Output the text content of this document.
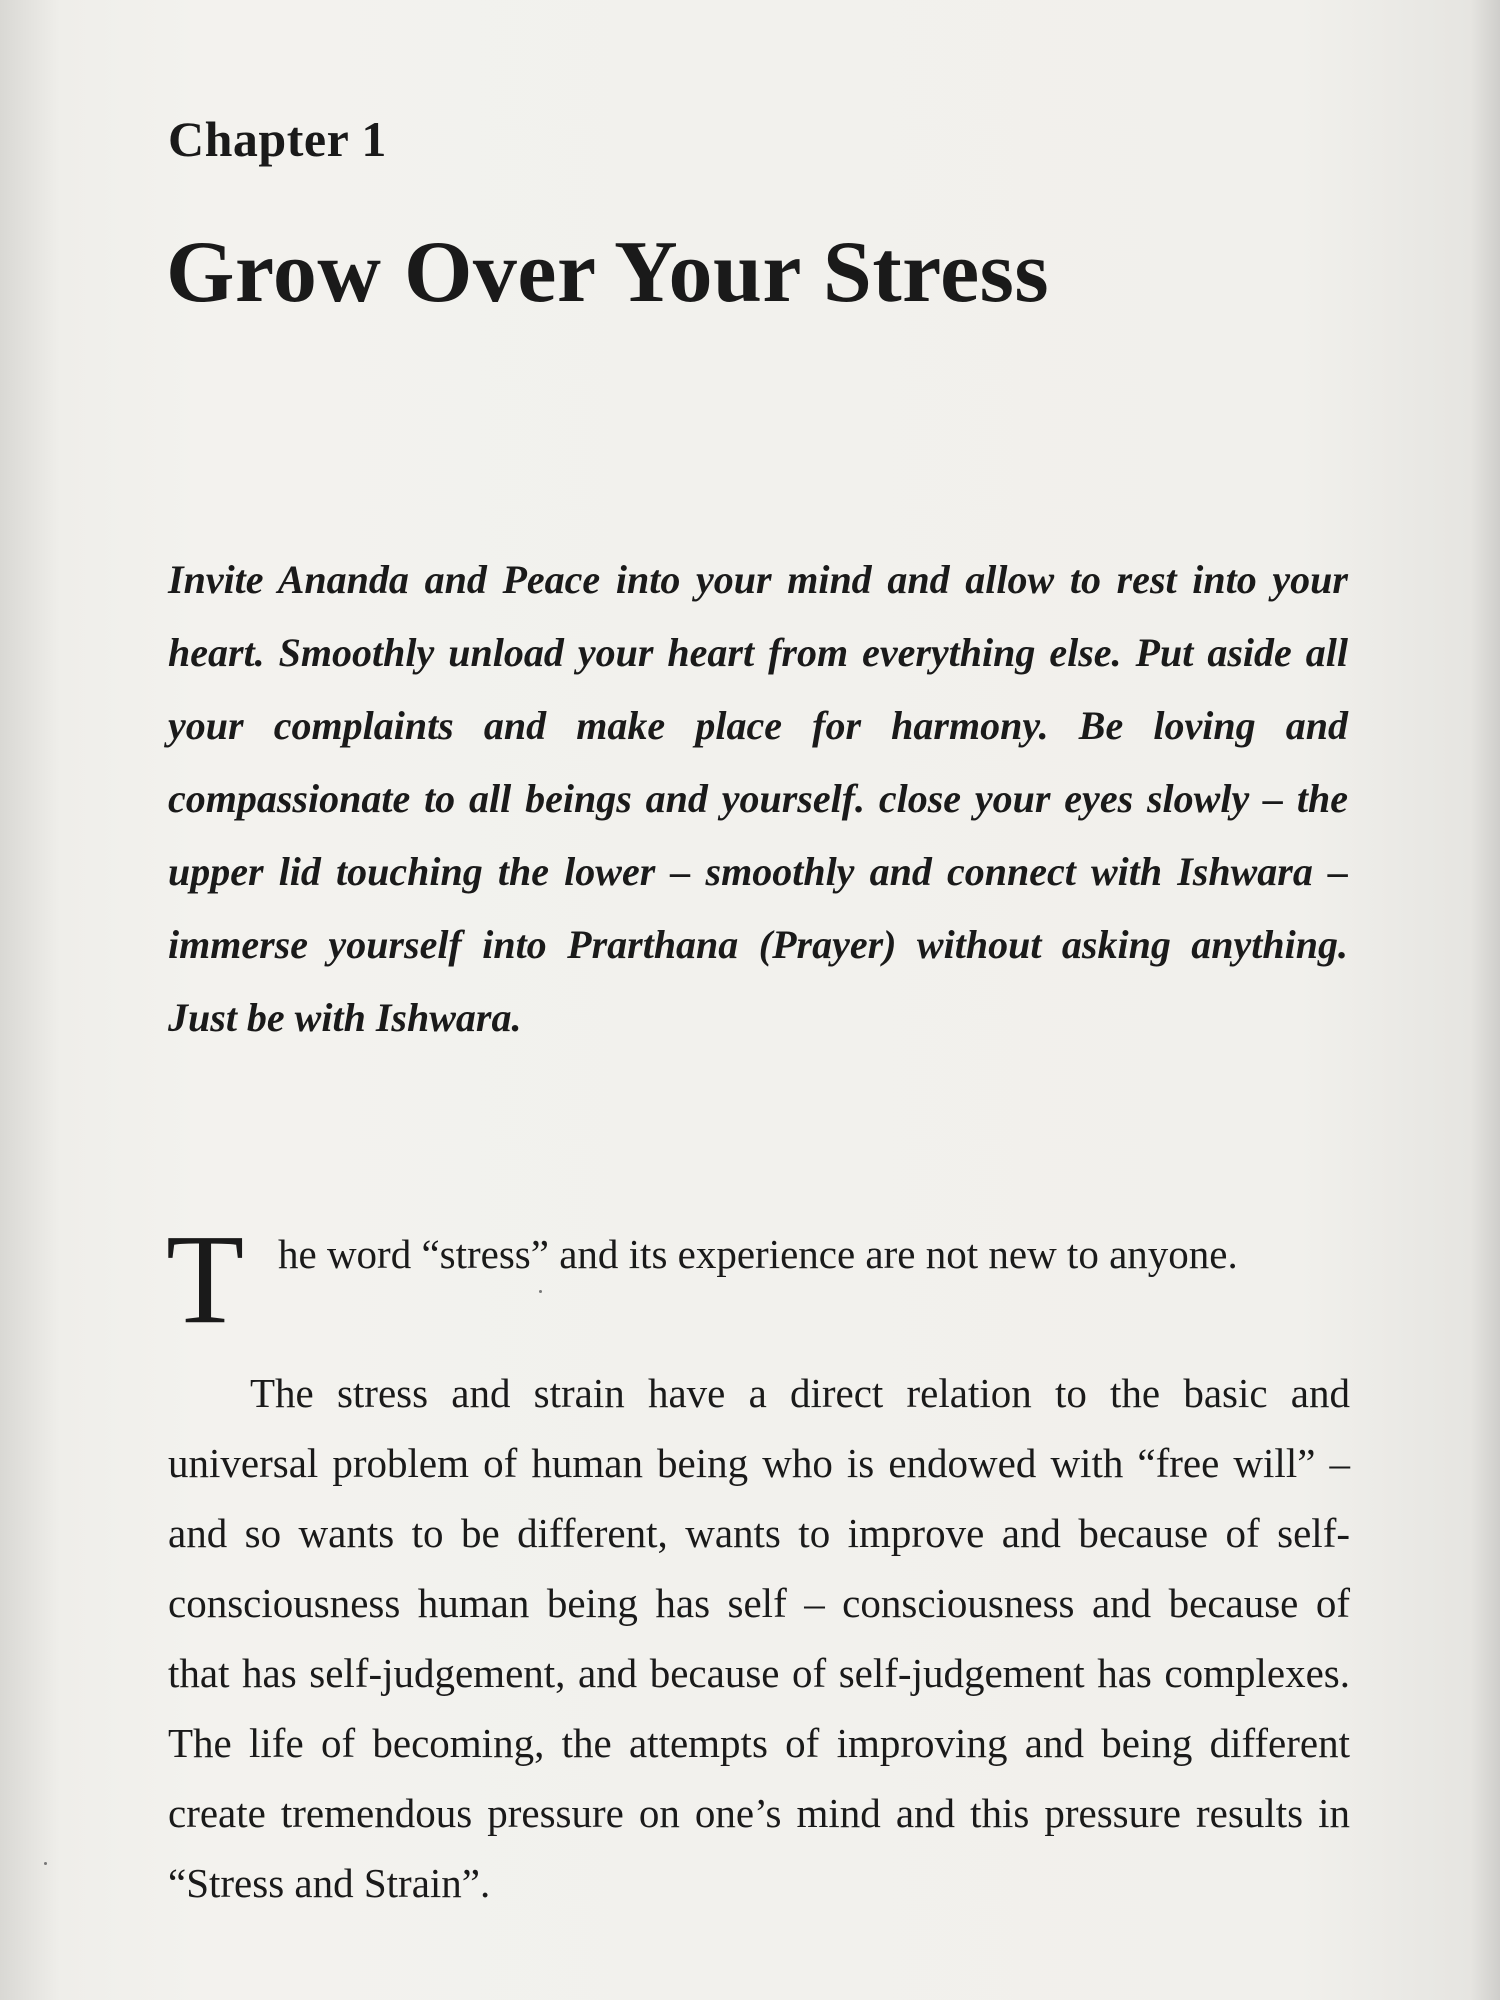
Chapter 1
Grow Over Your Stress
Invite Ananda and Peace into your mind and allow to rest into your heart. Smoothly unload your heart from everything else. Put aside all your complaints and make place for harmony. Be loving and compassionate to all beings and yourself. close your eyes slowly – the upper lid touching the lower – smoothly and connect with Ishwara – immerse yourself into Prarthana (Prayer) without asking anything. Just be with Ishwara.
T he word “stress” and its experience are not new to anyone.
The stress and strain have a direct relation to the basic and universal problem of human being who is endowed with “free will” – and so wants to be different, wants to improve and because of self-consciousness human being has self – consciousness and because of that has self-judgement, and because of self-judgement has complexes. The life of becoming, the attempts of improving and being different create tremendous pressure on one’s mind and this pressure results in “Stress and Strain”.
